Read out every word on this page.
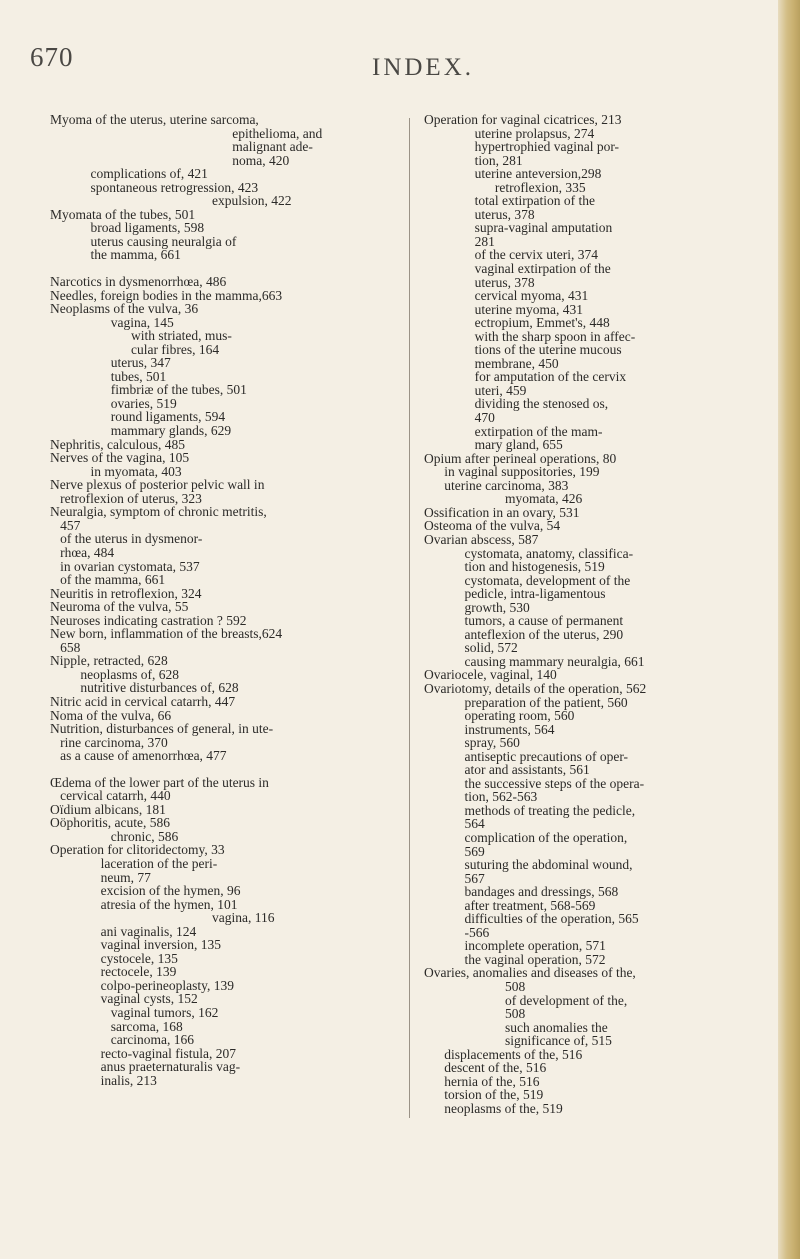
670	INDEX.
Myoma of the uterus, uterine sarcoma,
epithelioma, and
malignant ade-
noma, 420
complications of, 421
spontaneous retrogression, 423
expulsion, 422
Myomata of the tubes, 501
broad ligaments, 598
uterus causing neuralgia of
the mamma, 661
Narcotics in dysmenorrhœa, 486
Needles, foreign bodies in the mamma,663
Neoplasms of the vulva, 36
vagina, 145
with striated, mus-
cular fibres, 164
uterus, 347
tubes, 501
fimbriæ of the tubes, 501
ovaries, 519
round ligaments, 594
mammary glands, 629
Nephritis, calculous, 485
Nerves of the vagina, 105
in myomata, 403
Nerve plexus of posterior pelvic wall in
retroflexion of uterus, 323
Neuralgia, symptom of chronic metritis,
457
of the uterus in dysmenor-
rhœa, 484
in ovarian cystomata, 537
of the mamma, 661
Neuritis in retroflexion, 324
Neuroma of the vulva, 55
Neuroses indicating castration ? 592
New born, inflammation of the breasts,624
658
Nipple, retracted, 628
neoplasms of, 628
nutritive disturbances of, 628
Nitric acid in cervical catarrh, 447
Noma of the vulva, 66
Nutrition, disturbances of general, in ute-
rine carcinoma, 370
as a cause of amenorrhœa, 477
Œdema of the lower part of the uterus in
cervical catarrh, 440
Oïdium albicans, 181
Oöphoritis, acute, 586
chronic, 586
Operation for clitoridectomy, 33
laceration of the peri-
neum, 77
excision of the hymen, 96
atresia of the hymen, 101
vagina, 116
ani vaginalis, 124
vaginal inversion, 135
cystocele, 135
rectocele, 139
colpo-perineoplasty, 139
vaginal cysts, 152
vaginal tumors, 162
sarcoma, 168
carcinoma, 166
recto-vaginal fistula, 207
anus praeternaturalis vag-
inalis, 213
Operation for vaginal cicatrices, 213
uterine prolapsus, 274
hypertrophied vaginal por-
tion, 281
uterine anteversion,298
retroflexion, 335
total extirpation of the
uterus, 378
supra-vaginal amputation
281
of the cervix uteri, 374
vaginal extirpation of the
uterus, 378
cervical myoma, 431
uterine myoma, 431
ectropium, Emmet's, 448
with the sharp spoon in affec-
tions of the uterine mucous
membrane, 450
for amputation of the cervix
uteri, 459
dividing the stenosed os,
470
extirpation of the mam-
mary gland, 655
Opium after perineal operations, 80
in vaginal suppositories, 199
uterine carcinoma, 383
myomata, 426
Ossification in an ovary, 531
Osteoma of the vulva, 54
Ovarian abscess, 587
cystomata, anatomy, classifica-
tion and histogenesis, 519
cystomata, development of the
pedicle, intra-ligamentous
growth, 530
tumors, a cause of permanent
anteflexion of the uterus, 290
solid, 572
causing mammary neuralgia, 661
Ovariocele, vaginal, 140
Ovariotomy, details of the operation, 562
preparation of the patient, 560
operating room, 560
instruments, 564
spray, 560
antiseptic precautions of oper-
ator and assistants, 561
the successive steps of the opera-
tion, 562-563
methods of treating the pedicle,
564
complication of the operation,
569
suturing the abdominal wound,
567
bandages and dressings, 568
after treatment, 568-569
difficulties of the operation, 565
-566
incomplete operation, 571
the vaginal operation, 572
Ovaries, anomalies and diseases of the,
508
of development of the,
508
such anomalies the
significance of, 515
displacements of the, 516
descent of the, 516
hernia of the, 516
torsion of the, 519
neoplasms of the, 519
